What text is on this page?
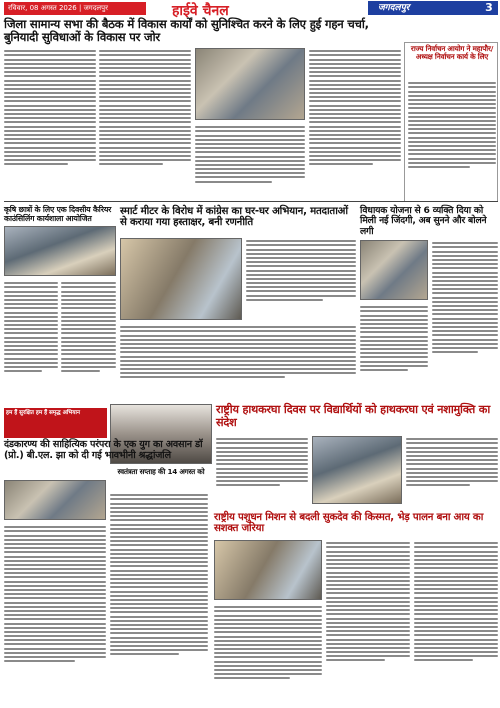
रविवार, 08 अगस्त 2026 | जगदलपुर	हाईवे चैनल	जगदलपुर	3
जिला सामान्य सभा की बैठक में विकास कार्यों को सुनिश्चित करने के लिए हुई गहन चर्चा, बुनियादी सुविधाओं के विकास पर जोर
राज्य निर्वाचन आयोग ने महापौर/अध्यक्ष निर्वाचन कार्य के लिए
कृषि छात्रों के लिए एक दिवसीय कैरियर काउंसिलिंग कार्यशाला आयोजित
स्मार्ट मीटर के विरोध में कांग्रेस का घर-घर अभियान, मतदाताओं से कराया गया हस्ताक्षर, बनी रणनीति
विधायक योजना से 6 व्यक्ति दिया को मिली नई जिंदगी, अब सुनने और बोलने लगी
हम हैं सुरक्षित हम हैं समृद्ध अभियान	राष्ट्रीय हाथकरघा दिवस पर विद्यार्थियों को हाथकरघा एवं नशामुक्ति का संदेश
स्वतंत्रता सप्ताह की 14 अगस्त को
दंडकारण्य की साहित्यिक परंपरा के एक युग का अवसान डॉ (प्रो.) बी.एल. झा को दी गई भावभीनी श्रद्धांजलि
राष्ट्रीय पशुधन मिशन से बदली सुकदेव की किस्मत, भेड़ पालन बना आय का सशक्त जरिया
